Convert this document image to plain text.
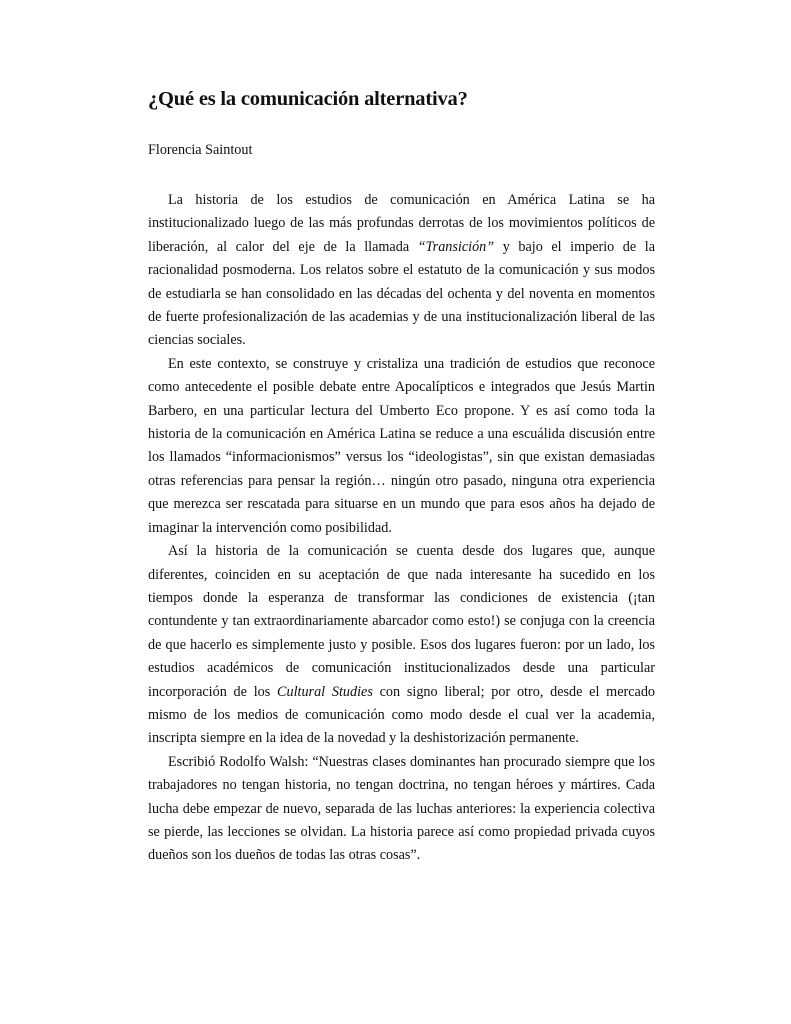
¿Qué es la comunicación alternativa?
Florencia Saintout

La historia de los estudios de comunicación en América Latina se ha institucionalizado luego de las más profundas derrotas de los movimientos políticos de liberación, al calor del eje de la llamada “Transición” y bajo el imperio de la racionalidad posmoderna. Los relatos sobre el estatuto de la comunicación y sus modos de estudiarla se han consolidado en las décadas del ochenta y del noventa en momentos de fuerte profesionalización de las academias y de una institucionalización liberal de las ciencias sociales.

En este contexto, se construye y cristaliza una tradición de estudios que reconoce como antecedente el posible debate entre Apocalípticos e integrados que Jesús Martin Barbero, en una particular lectura del Umberto Eco propone. Y es así como toda la historia de la comunicación en América Latina se reduce a una escuálida discusión entre los llamados “informacionismos” versus los “ideologistas”, sin que existan demasiadas otras referencias para pensar la región… ningún otro pasado, ninguna otra experiencia que merezca ser rescatada para situarse en un mundo que para esos años ha dejado de imaginar la intervención como posibilidad.

Así la historia de la comunicación se cuenta desde dos lugares que, aunque diferentes, coinciden en su aceptación de que nada interesante ha sucedido en los tiempos donde la esperanza de transformar las condiciones de existencia (¡tan contundente y tan extraordinariamente abarcador como esto!) se conjuga con la creencia de que hacerlo es simplemente justo y posible. Esos dos lugares fueron: por un lado, los estudios académicos de comunicación institucionalizados desde una particular incorporación de los Cultural Studies con signo liberal; por otro, desde el mercado mismo de los medios de comunicación como modo desde el cual ver la academia, inscripta siempre en la idea de la novedad y la deshistorización permanente.

Escribió Rodolfo Walsh: “Nuestras clases dominantes han procurado siempre que los trabajadores no tengan historia, no tengan doctrina, no tengan héroes y mártires. Cada lucha debe empezar de nuevo, separada de las luchas anteriores: la experiencia colectiva se pierde, las lecciones se olvidan. La historia parece así como propiedad privada cuyos dueños son los dueños de todas las otras cosas”.
